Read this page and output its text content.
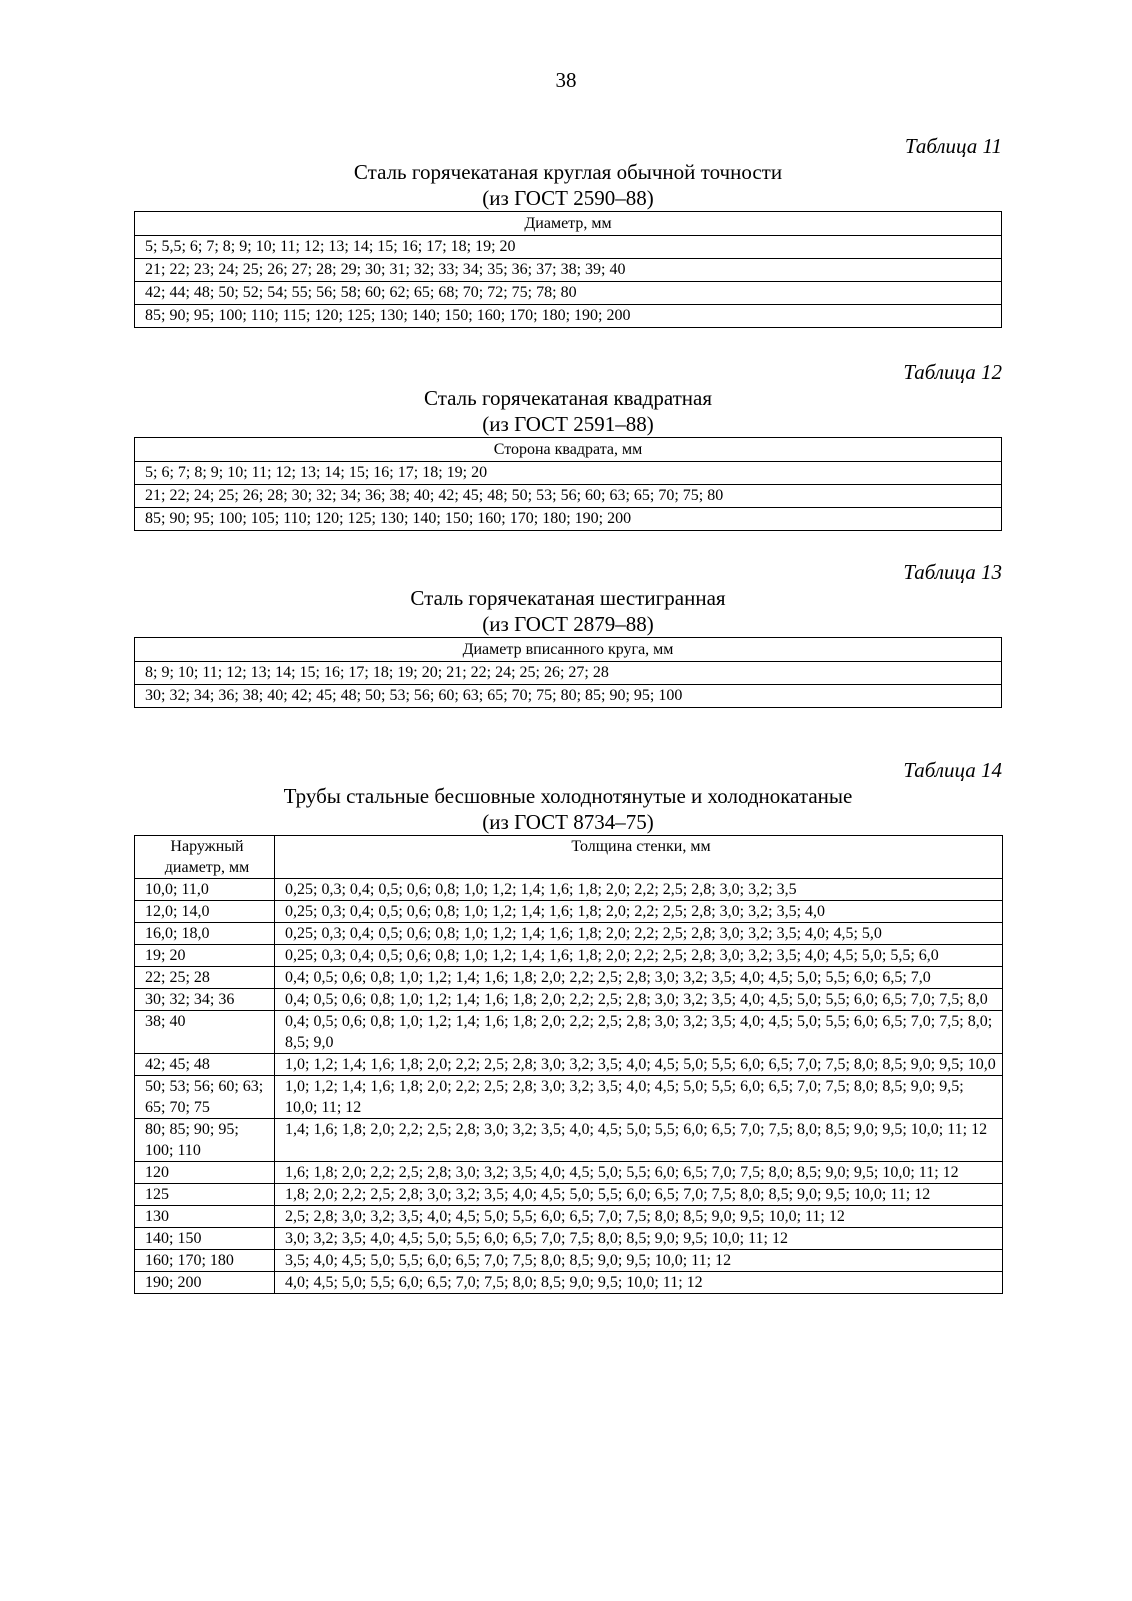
38
Таблица 11
Сталь горячекатаная круглая обычной точности
(из ГОСТ 2590–88)
Диаметр, мм
5; 5,5; 6; 7; 8; 9; 10; 11; 12; 13; 14; 15; 16; 17; 18; 19; 20
21; 22; 23; 24; 25; 26; 27; 28; 29; 30; 31; 32; 33; 34; 35; 36; 37; 38; 39; 40
42; 44; 48; 50; 52; 54; 55; 56; 58; 60; 62; 65; 68; 70; 72; 75; 78; 80
85; 90; 95; 100; 110; 115; 120; 125; 130; 140; 150; 160; 170; 180; 190; 200
Таблица 12
Сталь горячекатаная квадратная
(из ГОСТ 2591–88)
Сторона квадрата, мм
5; 6; 7; 8; 9; 10; 11; 12; 13; 14; 15; 16; 17; 18; 19; 20
21; 22; 24; 25; 26; 28; 30; 32; 34; 36; 38; 40; 42; 45; 48; 50; 53; 56; 60; 63; 65; 70; 75; 80
85; 90; 95; 100; 105; 110; 120; 125; 130; 140; 150; 160; 170; 180; 190; 200
Таблица 13
Сталь горячекатаная шестигранная
(из ГОСТ 2879–88)
Диаметр вписанного круга, мм
8; 9; 10; 11; 12; 13; 14; 15; 16; 17; 18; 19; 20; 21; 22; 24; 25; 26; 27; 28
30; 32; 34; 36; 38; 40; 42; 45; 48; 50; 53; 56; 60; 63; 65; 70; 75; 80; 85; 90; 95; 100
Таблица 14
Трубы стальные бесшовные холоднотянутые и холоднокатаные
(из ГОСТ 8734–75)
Наружный диаметр, мм	Толщина стенки, мм
10,0; 11,0	0,25; 0,3; 0,4; 0,5; 0,6; 0,8; 1,0; 1,2; 1,4; 1,6; 1,8; 2,0; 2,2; 2,5; 2,8; 3,0; 3,2; 3,5
12,0; 14,0	0,25; 0,3; 0,4; 0,5; 0,6; 0,8; 1,0; 1,2; 1,4; 1,6; 1,8; 2,0; 2,2; 2,5; 2,8; 3,0; 3,2; 3,5; 4,0
16,0; 18,0	0,25; 0,3; 0,4; 0,5; 0,6; 0,8; 1,0; 1,2; 1,4; 1,6; 1,8; 2,0; 2,2; 2,5; 2,8; 3,0; 3,2; 3,5; 4,0; 4,5; 5,0
19; 20	0,25; 0,3; 0,4; 0,5; 0,6; 0,8; 1,0; 1,2; 1,4; 1,6; 1,8; 2,0; 2,2; 2,5; 2,8; 3,0; 3,2; 3,5; 4,0; 4,5; 5,0; 5,5; 6,0
22; 25; 28	0,4; 0,5; 0,6; 0,8; 1,0; 1,2; 1,4; 1,6; 1,8; 2,0; 2,2; 2,5; 2,8; 3,0; 3,2; 3,5; 4,0; 4,5; 5,0; 5,5; 6,0; 6,5; 7,0
30; 32; 34; 36	0,4; 0,5; 0,6; 0,8; 1,0; 1,2; 1,4; 1,6; 1,8; 2,0; 2,2; 2,5; 2,8; 3,0; 3,2; 3,5; 4,0; 4,5; 5,0; 5,5; 6,0; 6,5; 7,0; 7,5; 8,0
38; 40	0,4; 0,5; 0,6; 0,8; 1,0; 1,2; 1,4; 1,6; 1,8; 2,0; 2,2; 2,5; 2,8; 3,0; 3,2; 3,5; 4,0; 4,5; 5,0; 5,5; 6,0; 6,5; 7,0; 7,5; 8,0; 8,5; 9,0
42; 45; 48	1,0; 1,2; 1,4; 1,6; 1,8; 2,0; 2,2; 2,5; 2,8; 3,0; 3,2; 3,5; 4,0; 4,5; 5,0; 5,5; 6,0; 6,5; 7,0; 7,5; 8,0; 8,5; 9,0; 9,5; 10,0
50; 53; 56; 60; 63; 65; 70; 75	1,0; 1,2; 1,4; 1,6; 1,8; 2,0; 2,2; 2,5; 2,8; 3,0; 3,2; 3,5; 4,0; 4,5; 5,0; 5,5; 6,0; 6,5; 7,0; 7,5; 8,0; 8,5; 9,0; 9,5; 10,0; 11; 12
80; 85; 90; 95; 100; 110	1,4; 1,6; 1,8; 2,0; 2,2; 2,5; 2,8; 3,0; 3,2; 3,5; 4,0; 4,5; 5,0; 5,5; 6,0; 6,5; 7,0; 7,5; 8,0; 8,5; 9,0; 9,5; 10,0; 11; 12
120	1,6; 1,8; 2,0; 2,2; 2,5; 2,8; 3,0; 3,2; 3,5; 4,0; 4,5; 5,0; 5,5; 6,0; 6,5; 7,0; 7,5; 8,0; 8,5; 9,0; 9,5; 10,0; 11; 12
125	1,8; 2,0; 2,2; 2,5; 2,8; 3,0; 3,2; 3,5; 4,0; 4,5; 5,0; 5,5; 6,0; 6,5; 7,0; 7,5; 8,0; 8,5; 9,0; 9,5; 10,0; 11; 12
130	2,5; 2,8; 3,0; 3,2; 3,5; 4,0; 4,5; 5,0; 5,5; 6,0; 6,5; 7,0; 7,5; 8,0; 8,5; 9,0; 9,5; 10,0; 11; 12
140; 150	3,0; 3,2; 3,5; 4,0; 4,5; 5,0; 5,5; 6,0; 6,5; 7,0; 7,5; 8,0; 8,5; 9,0; 9,5; 10,0; 11; 12
160; 170; 180	3,5; 4,0; 4,5; 5,0; 5,5; 6,0; 6,5; 7,0; 7,5; 8,0; 8,5; 9,0; 9,5; 10,0; 11; 12
190; 200	4,0; 4,5; 5,0; 5,5; 6,0; 6,5; 7,0; 7,5; 8,0; 8,5; 9,0; 9,5; 10,0; 11; 12
